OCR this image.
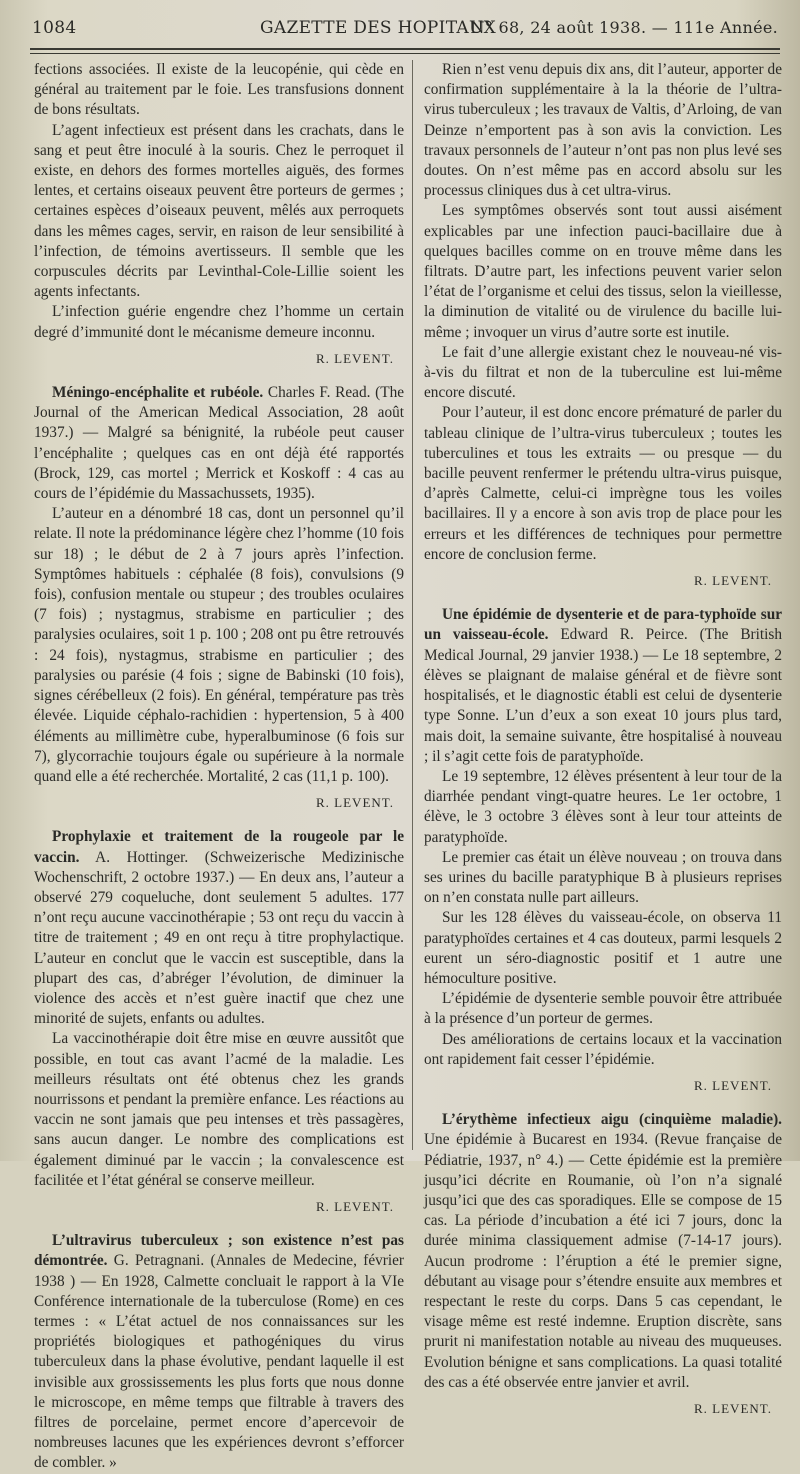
1084	GAZETTE DES HOPITAUX
N° 68, 24 août 1938. — 111e Année.

fections associées. Il existe de la leucopénie, qui cède en général au traitement par le foie. Les transfusions donnent de bons résultats.

L’agent infectieux est présent dans les crachats, dans le sang et peut être inoculé à la souris. Chez le perroquet il existe, en dehors des formes mortelles aiguës, des formes lentes, et certains oiseaux peuvent être porteurs de germes ; certaines espèces d’oiseaux peuvent, mêlés aux perroquets dans les mêmes cages, servir, en raison de leur sensibilité à l’infection, de témoins avertisseurs. Il semble que les corpuscules décrits par Levinthal-Cole-Lillie soient les agents infectants.

L’infection guérie engendre chez l’homme un certain degré d’immunité dont le mécanisme demeure inconnu.

R. LEVENT.

Méningo-encéphalite et rubéole. Charles F. Read. (The Journal of the American Medical Association, 28 août 1937.) — Malgré sa bénignité, la rubéole peut causer l’encéphalite ; quelques cas en ont déjà été rapportés (Brock, 129, cas mortel ; Merrick et Koskoff : 4 cas au cours de l’épidémie du Massachussets, 1935).

L’auteur en a dénombré 18 cas, dont un personnel qu’il relate. Il note la prédominance légère chez l’homme (10 fois sur 18) ; le début de 2 à 7 jours après l’infection. Symptômes habituels : céphalée (8 fois), convulsions (9 fois), confusion mentale ou stupeur ; des troubles oculaires (7 fois) ; nystagmus, strabisme en particulier ; des paralysies oculaires, soit 1 p. 100 ; 208 ont pu être retrouvés : 24 fois), nystagmus, strabisme en particulier ; des paralysies ou parésie (4 fois ; signe de Babinski (10 fois), signes cérébelleux (2 fois). En général, température pas très élevée. Liquide céphalo-rachidien : hypertension, 5 à 400 éléments au millimètre cube, hyperalbuminose (6 fois sur 7), glycorrachie toujours égale ou supérieure à la normale quand elle a été recherchée. Mortalité, 2 cas (11,1 p. 100).

R. LEVENT.

Prophylaxie et traitement de la rougeole par le vaccin. A. Hottinger. (Schweizerische Medizinische Wochenschrift, 2 octobre 1937.) — En deux ans, l’auteur a observé 279 coqueluche, dont seulement 5 adultes. 177 n’ont reçu aucune vaccinothérapie ; 53 ont reçu du vaccin à titre de traitement ; 49 en ont reçu à titre prophylactique. L’auteur en conclut que le vaccin est susceptible, dans la plupart des cas, d’abréger l’évolution, de diminuer la violence des accès et n’est guère inactif que chez une minorité de sujets, enfants ou adultes.

La vaccinothérapie doit être mise en œuvre aussitôt que possible, en tout cas avant l’acmé de la maladie. Les meilleurs résultats ont été obtenus chez les grands nourrissons et pendant la première enfance. Les réactions au vaccin ne sont jamais que peu intenses et très passagères, sans aucun danger. Le nombre des complications est également diminué par le vaccin ; la convalescence est facilitée et l’état général se conserve meilleur.

R. LEVENT.

L’ultravirus tuberculeux ; son existence n’est pas démontrée. G. Petragnani. (Annales de Medecine, février 1938 ) — En 1928, Calmette concluait le rapport à la VIe Conférence internationale de la tuberculose (Rome) en ces termes : « L’état actuel de nos connaissances sur les propriétés biologiques et pathogéniques du virus tuberculeux dans la phase évolutive, pendant laquelle il est invisible aux grossissements les plus forts que nous donne le microscope, en même temps que filtrable à travers des filtres de porcelaine, permet encore d’apercevoir de nombreuses lacunes que les expériences devront s’efforcer de combler. »

Rien n’est venu depuis dix ans, dit l’auteur, apporter de confirmation supplémentaire à la la théorie de l’ultra-virus tuberculeux ; les travaux de Valtis, d’Arloing, de van Deinze n’emportent pas à son avis la conviction. Les travaux personnels de l’auteur n’ont pas non plus levé ses doutes. On n’est même pas en accord absolu sur les processus cliniques dus à cet ultra-virus.

Les symptômes observés sont tout aussi aisément explicables par une infection pauci-bacillaire due à quelques bacilles comme on en trouve même dans les filtrats. D’autre part, les infections peuvent varier selon l’état de l’organisme et celui des tissus, selon la vieillesse, la diminution de vitalité ou de virulence du bacille lui-même ; invoquer un virus d’autre sorte est inutile.

Le fait d’une allergie existant chez le nouveau-né vis-à-vis du filtrat et non de la tuberculine est lui-même encore discuté.

Pour l’auteur, il est donc encore prématuré de parler du tableau clinique de l’ultra-virus tuberculeux ; toutes les tuberculines et tous les extraits — ou presque — du bacille peuvent renfermer le prétendu ultra-virus puisque, d’après Calmette, celui-ci imprègne tous les voiles bacillaires. Il y a encore à son avis trop de place pour les erreurs et les différences de techniques pour permettre encore de conclusion ferme.

R. LEVENT.

Une épidémie de dysenterie et de para-typhoïde sur un vaisseau-école. Edward R. Peirce. (The British Medical Journal, 29 janvier 1938.) — Le 18 septembre, 2 élèves se plaignant de malaise général et de fièvre sont hospitalisés, et le diagnostic établi est celui de dysenterie type Sonne. L’un d’eux a son exeat 10 jours plus tard, mais doit, la semaine suivante, être hospitalisé à nouveau ; il s’agit cette fois de paratyphoïde.

Le 19 septembre, 12 élèves présentent à leur tour de la diarrhée pendant vingt-quatre heures. Le 1er octobre, 1 élève, le 3 octobre 3 élèves sont à leur tour atteints de paratyphoïde.

Le premier cas était un élève nouveau ; on trouva dans ses urines du bacille paratyphique B à plusieurs reprises on n’en constata nulle part ailleurs.

Sur les 128 élèves du vaisseau-école, on observa 11 paratyphoïdes certaines et 4 cas douteux, parmi lesquels 2 eurent un séro-diagnostic positif et 1 autre une hémoculture positive.

L’épidémie de dysenterie semble pouvoir être attribuée à la présence d’un porteur de germes.

Des améliorations de certains locaux et la vaccination ont rapidement fait cesser l’épidémie.

R. LEVENT.

L’érythème infectieux aigu (cinquième maladie). Une épidémie à Bucarest en 1934. (Revue française de Pédiatrie, 1937, n° 4.) — Cette épidémie est la première jusqu’ici décrite en Roumanie, où l’on n’a signalé jusqu’ici que des cas sporadiques. Elle se compose de 15 cas. La période d’incubation a été ici 7 jours, donc la durée minima classiquement admise (7-14-17 jours). Aucun prodrome : l’éruption a été le premier signe, débutant au visage pour s’étendre ensuite aux membres et respectant le reste du corps. Dans 5 cas cependant, le visage même est resté indemne. Eruption discrète, sans prurit ni manifestation notable au niveau des muqueuses. Evolution bénigne et sans complications. La quasi totalité des cas a été observée entre janvier et avril.

R. LEVENT.
